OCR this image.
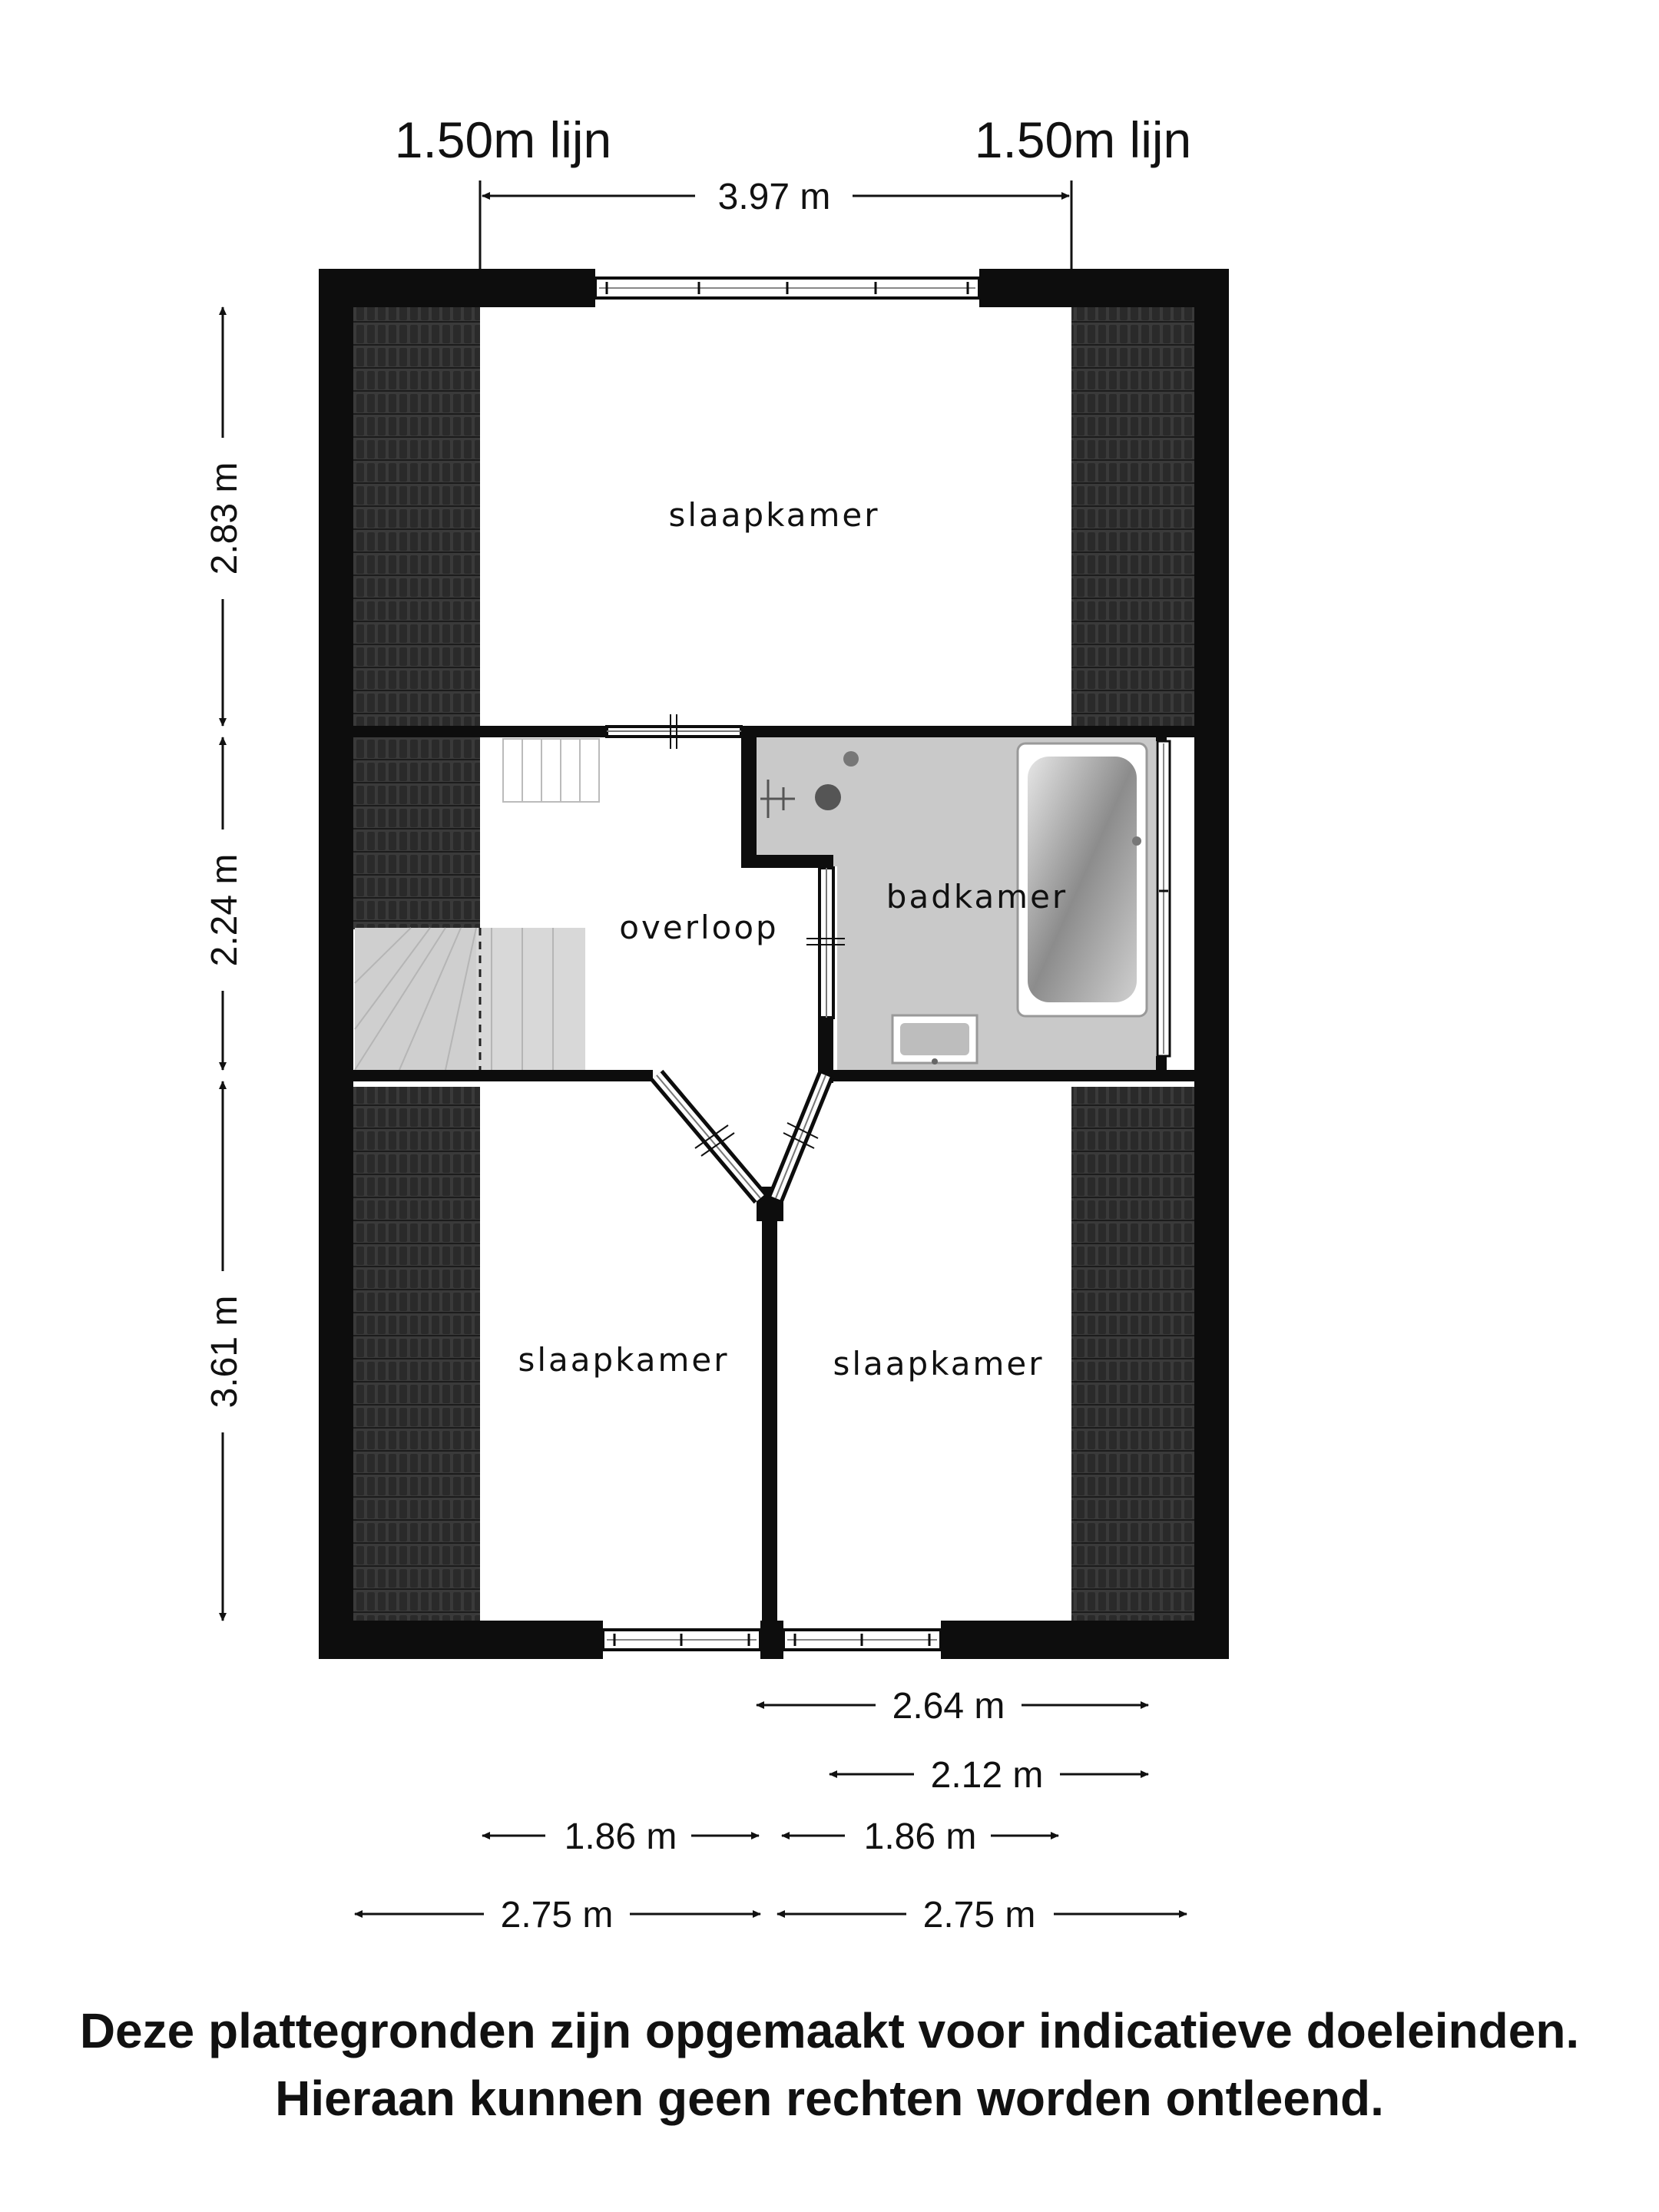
1.50m lijn	1.50m lijn
3.97 m
2.83 m
2.24 m
3.61 m
2.64 m
2.12 m
1.86 m	1.86 m
2.75 m	2.75 m
slaapkamer
overloop
badkamer
slaapkamer	slaapkamer
Deze plattegronden zijn opgemaakt voor indicatieve doeleinden.
Hieraan kunnen geen rechten worden ontleend.
